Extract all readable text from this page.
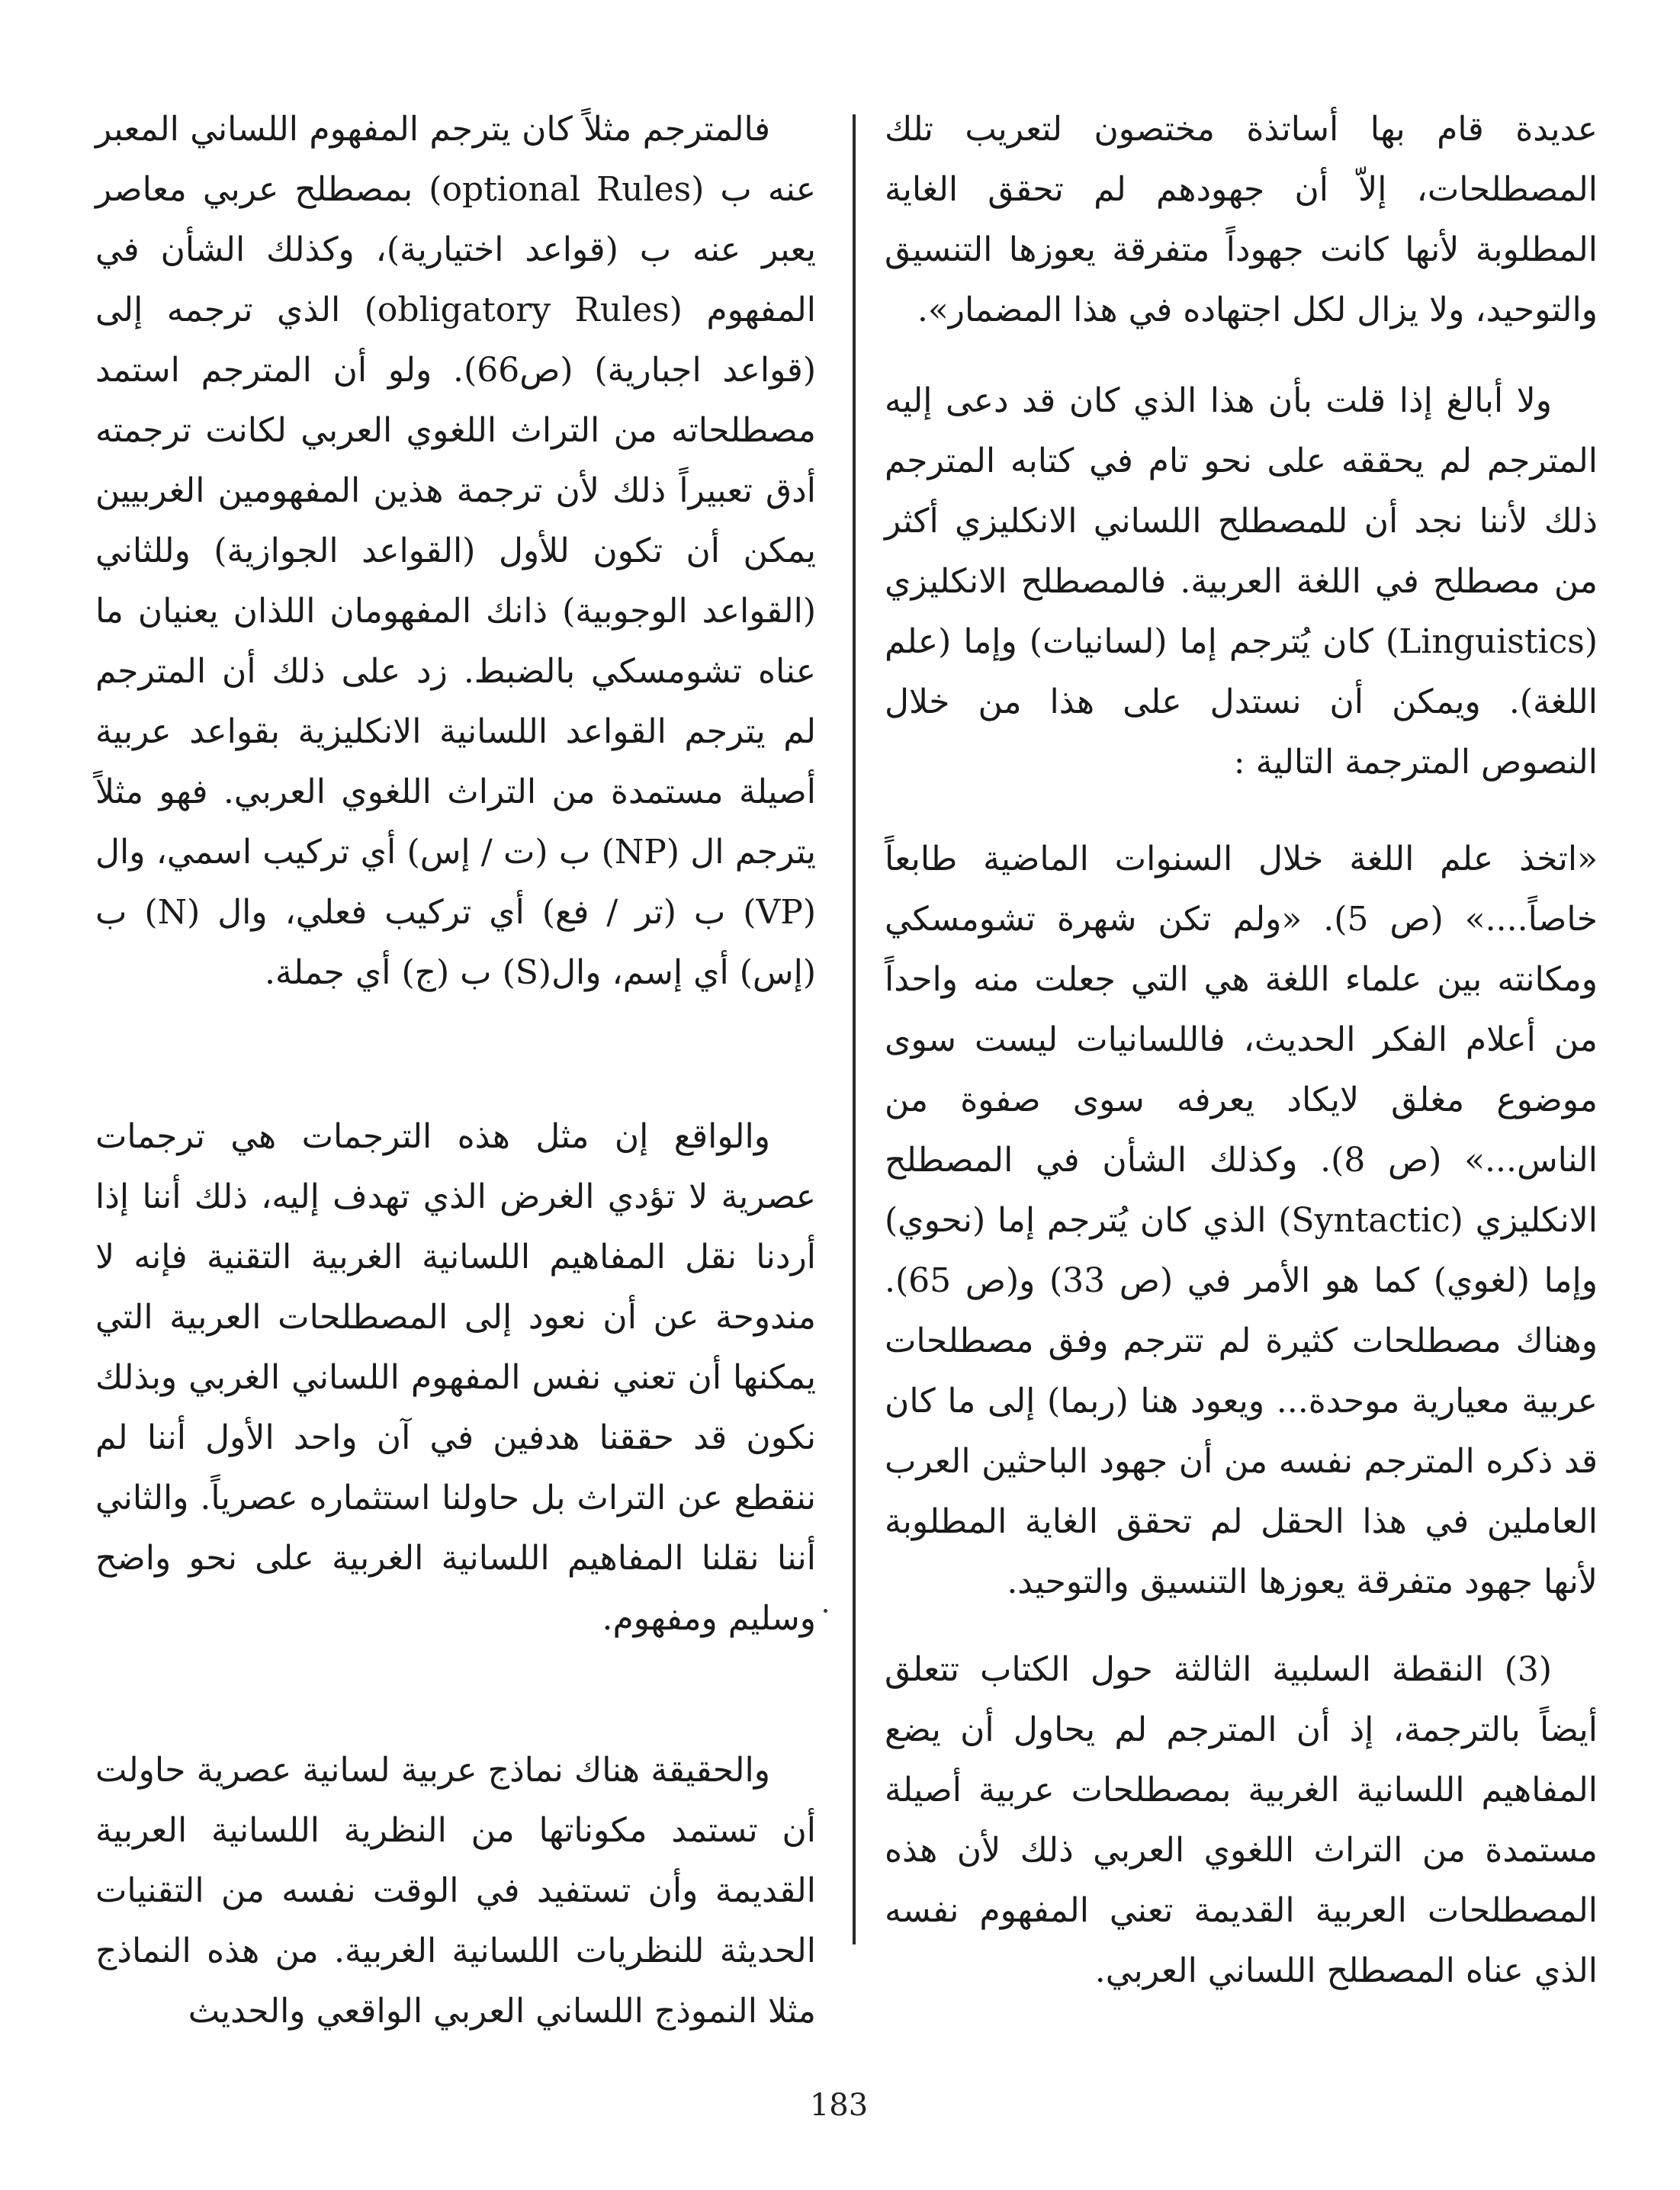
عديدة قام بها أساتذة مختصون لتعريب تلك المصطلحات، إلاّ أن جهودهم لم تحقق الغاية المطلوبة لأنها كانت جهوداً متفرقة يعوزها التنسيق والتوحيد، ولا يزال لكل اجتهاده في هذا المضمار».

ولا أبالغ إذا قلت بأن هذا الذي كان قد دعى إليه المترجم لم يحققه على نحو تام في كتابه المترجم ذلك لأننا نجد أن للمصطلح اللساني الانكليزي أكثر من مصطلح في اللغة العربية. فالمصطلح الانكليزي (Linguistics) كان يُترجم إما (لسانيات) وإما (علم اللغة). ويمكن أن نستدل على هذا من خلال النصوص المترجمة التالية :

«اتخذ علم اللغة خلال السنوات الماضية طابعاً خاصاً....» (ص 5). «ولم تكن شهرة تشومسكي ومكانته بين علماء اللغة هي التي جعلت منه واحداً من أعلام الفكر الحديث، فاللسانيات ليست سوى موضوع مغلق لايكاد يعرفه سوى صفوة من الناس...» (ص 8). وكذلك الشأن في المصطلح الانكليزي (Syntactic) الذي كان يُترجم إما (نحوي) وإما (لغوي) كما هو الأمر في (ص 33) و(ص 65). وهناك مصطلحات كثيرة لم تترجم وفق مصطلحات عربية معيارية موحدة... ويعود هنا (ربما) إلى ما كان قد ذكره المترجم نفسه من أن جهود الباحثين العرب العاملين في هذا الحقل لم تحقق الغاية المطلوبة لأنها جهود متفرقة يعوزها التنسيق والتوحيد.

(3) النقطة السلبية الثالثة حول الكتاب تتعلق أيضاً بالترجمة، إذ أن المترجم لم يحاول أن يضع المفاهيم اللسانية الغربية بمصطلحات عربية أصيلة مستمدة من التراث اللغوي العربي ذلك لأن هذه المصطلحات العربية القديمة تعني المفهوم نفسه الذي عناه المصطلح اللساني العربي.

فالمترجم مثلاً كان يترجم المفهوم اللساني المعبر عنه ب (optional Rules) بمصطلح عربي معاصر يعبر عنه ب (قواعد اختيارية)، وكذلك الشأن في المفهوم (obligatory Rules) الذي ترجمه إلى (قواعد اجبارية) (ص66). ولو أن المترجم استمد مصطلحاته من التراث اللغوي العربي لكانت ترجمته أدق تعبيراً ذلك لأن ترجمة هذين المفهومين الغربيين يمكن أن تكون للأول (القواعد الجوازية) وللثاني (القواعد الوجوبية) ذانك المفهومان اللذان يعنيان ما عناه تشومسكي بالضبط. زد على ذلك أن المترجم لم يترجم القواعد اللسانية الانكليزية بقواعد عربية أصيلة مستمدة من التراث اللغوي العربي. فهو مثلاً يترجم ال (NP) ب (ت / إس) أي تركيب اسمي، وال (VP) ب (تر / فع) أي تركيب فعلي، وال (N) ب (إس) أي إسم، وال(S) ب (ج) أي جملة.

والواقع إن مثل هذه الترجمات هي ترجمات عصرية لا تؤدي الغرض الذي تهدف إليه، ذلك أننا إذا أردنا نقل المفاهيم اللسانية الغربية التقنية فإنه لا مندوحة عن أن نعود إلى المصطلحات العربية التي يمكنها أن تعني نفس المفهوم اللساني الغربي وبذلك نكون قد حققنا هدفين في آن واحد الأول أننا لم ننقطع عن التراث بل حاولنا استثماره عصرياً. والثاني أننا نقلنا المفاهيم اللسانية الغربية على نحو واضح وسليم ومفهوم.

والحقيقة هناك نماذج عربية لسانية عصرية حاولت أن تستمد مكوناتها من النظرية اللسانية العربية القديمة وأن تستفيد في الوقت نفسه من التقنيات الحديثة للنظريات اللسانية الغربية. من هذه النماذج مثلا النموذج اللساني العربي الواقعي والحديث

183
